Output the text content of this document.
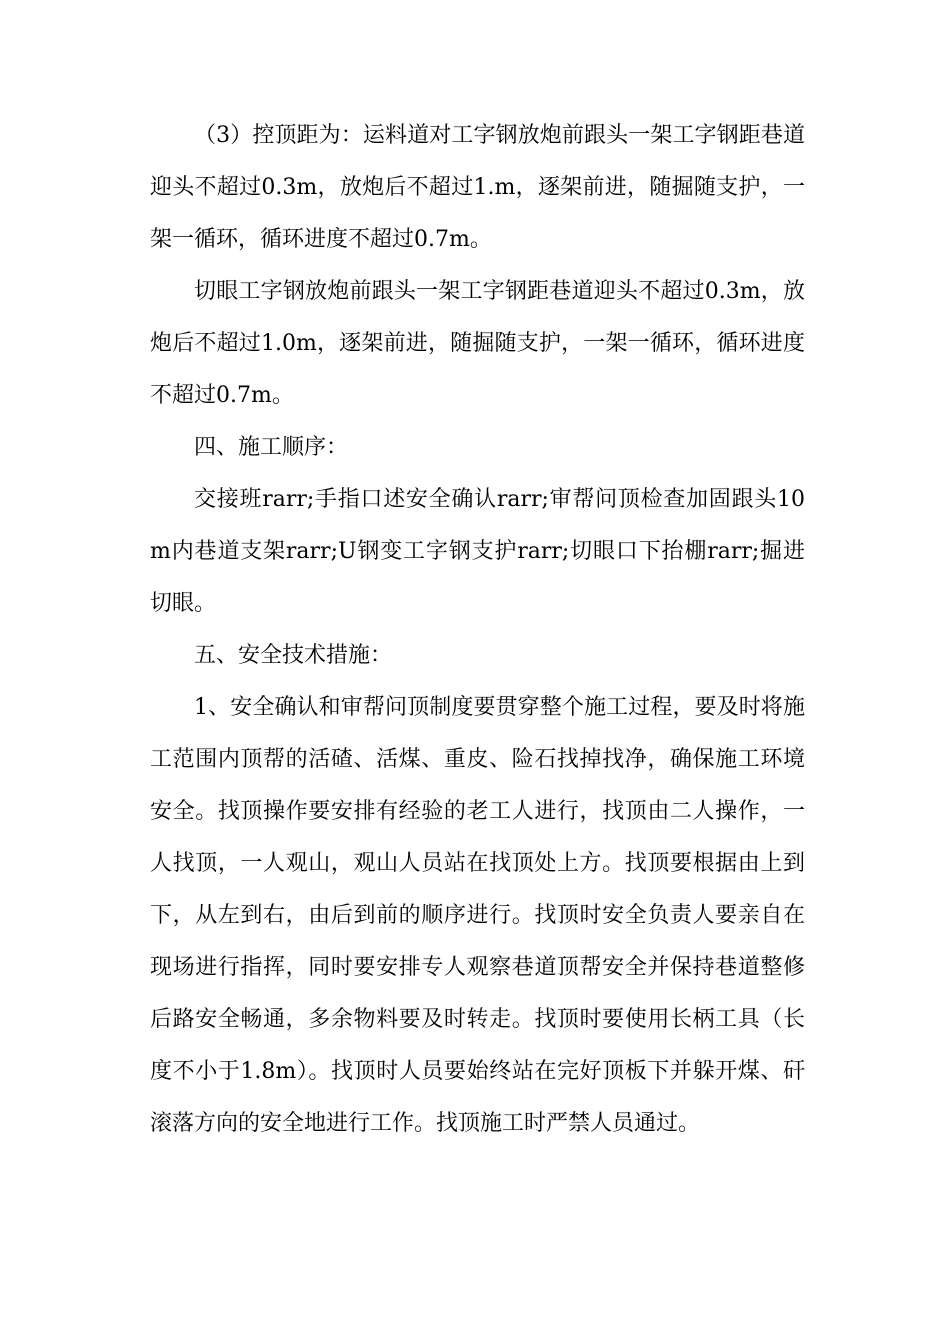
（3）控顶距为：运料道对工字钢放炮前跟头一架工字钢距巷道迎头不超过0.3m，放炮后不超过1.m，逐架前进，随掘随支护，一架一循环，循环进度不超过0.7m。

切眼工字钢放炮前跟头一架工字钢距巷道迎头不超过0.3m，放炮后不超过1.0m，逐架前进，随掘随支护，一架一循环，循环进度不超过0.7m。

四、施工顺序：

交接班rarr;手指口述安全确认rarr;审帮问顶检查加固跟头10m内巷道支架rarr;U钢变工字钢支护rarr;切眼口下抬棚rarr;掘进切眼。

五、安全技术措施：

1、安全确认和审帮问顶制度要贯穿整个施工过程，要及时将施工范围内顶帮的活碴、活煤、重皮、险石找掉找净，确保施工环境安全。找顶操作要安排有经验的老工人进行，找顶由二人操作，一人找顶，一人观山，观山人员站在找顶处上方。找顶要根据由上到下，从左到右，由后到前的顺序进行。找顶时安全负责人要亲自在现场进行指挥，同时要安排专人观察巷道顶帮安全并保持巷道整修后路安全畅通，多余物料要及时转走。找顶时要使用长柄工具（长度不小于1.8m）。找顶时人员要始终站在完好顶板下并躲开煤、矸滚落方向的安全地进行工作。找顶施工时严禁人员通过。
